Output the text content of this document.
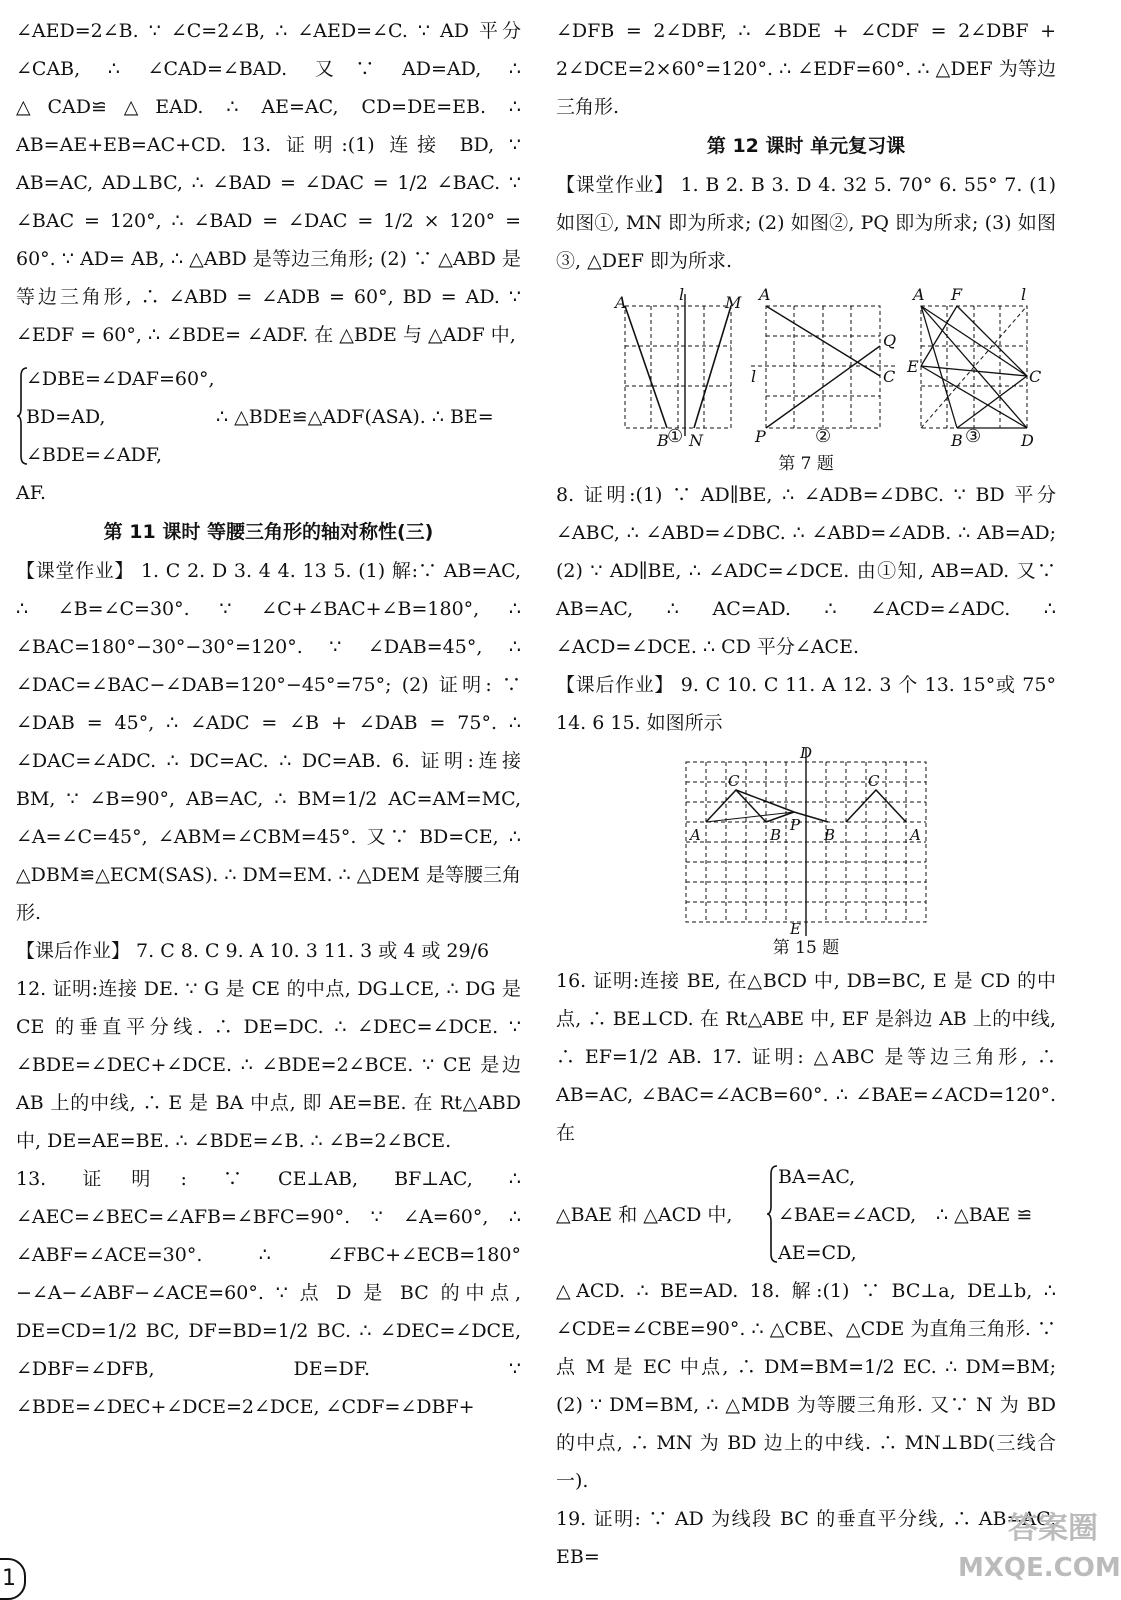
∠AED=2∠B. ∵ ∠C=2∠B, ∴ ∠AED=∠C. ∵ AD 平分 ∠CAB, ∴ ∠CAD=∠BAD. 又∵ AD=AD, ∴ △CAD≌△EAD. ∴ AE=AC, CD=DE=EB. ∴ AB=AE+EB=AC+CD. 13. 证明:(1) 连接 BD, ∵ AB=AC, AD⊥BC, ∴ ∠BAD = ∠DAC = 1/2 ∠BAC. ∵ ∠BAC = 120°, ∴ ∠BAD = ∠DAC = 1/2 × 120° = 60°. ∵ AD= AB, ∴ △ABD 是等边三角形; (2) ∵ △ABD 是等边三角形, ∴ ∠ABD = ∠ADB = 60°, BD = AD. ∵ ∠EDF = 60°, ∴ ∠BDE= ∠ADF. 在 △BDE 与 △ADF 中,

∠DBE=∠DAF=60°,
BD=AD,
∠BDE=∠ADF,
∴ △BDE≌△ADF(ASA). ∴ BE=

AF.

第 11 课时 等腰三角形的轴对称性(三)

【课堂作业】 1. C 2. D 3. 4 4. 13 5. (1) 解:∵ AB=AC, ∴ ∠B=∠C=30°. ∵ ∠C+∠BAC+∠B=180°, ∴ ∠BAC=180°−30°−30°=120°. ∵ ∠DAB=45°, ∴ ∠DAC=∠BAC−∠DAB=120°−45°=75°; (2) 证明: ∵ ∠DAB = 45°, ∴ ∠ADC = ∠B + ∠DAB = 75°. ∴ ∠DAC=∠ADC. ∴ DC=AC. ∴ DC=AB. 6. 证明:连接 BM, ∵ ∠B=90°, AB=AC, ∴ BM=1/2 AC=AM=MC, ∠A=∠C=45°, ∠ABM=∠CBM=45°. 又∵ BD=CE, ∴ △DBM≌△ECM(SAS). ∴ DM=EM. ∴ △DEM 是等腰三角形.

【课后作业】 7. C 8. C 9. A 10. 3 11. 3 或 4 或 29/6

12. 证明:连接 DE. ∵ G 是 CE 的中点, DG⊥CE, ∴ DG 是 CE 的垂直平分线. ∴ DE=DC. ∴ ∠DEC=∠DCE. ∵ ∠BDE=∠DEC+∠DCE. ∴ ∠BDE=2∠BCE. ∵ CE 是边 AB 上的中线, ∴ E 是 BA 中点, 即 AE=BE. 在 Rt△ABD 中, DE=AE=BE. ∴ ∠BDE=∠B. ∴ ∠B=2∠BCE.

13. 证明: ∵ CE⊥AB, BF⊥AC, ∴ ∠AEC=∠BEC=∠AFB=∠BFC=90°. ∵ ∠A=60°, ∴ ∠ABF=∠ACE=30°. ∴ ∠FBC+∠ECB=180°−∠A−∠ABF−∠ACE=60°. ∵ 点 D 是 BC 的中点, DE=CD=1/2 BC, DF=BD=1/2 BC. ∴ ∠DEC=∠DCE, ∠DBF=∠DFB, DE=DF. ∵ ∠BDE=∠DEC+∠DCE=2∠DCE, ∠CDF=∠DBF+

∠DFB = 2∠DBF, ∴ ∠BDE + ∠CDF = 2∠DBF + 2∠DCE=2×60°=120°. ∴ ∠EDF=60°. ∴ △DEF 为等边三角形.

第 12 课时 单元复习课

【课堂作业】 1. B 2. B 3. D 4. 32 5. 70° 6. 55° 7. (1) 如图①, MN 即为所求; (2) 如图②, PQ 即为所求; (3) 如图③, △DEF 即为所求.

A	l	M
B N
A
Q
l	C
P
A F	l
E
C
B	D
①	②	③
第 7 题

8. 证明:(1) ∵ AD∥BE, ∴ ∠ADB=∠DBC. ∵ BD 平分 ∠ABC, ∴ ∠ABD=∠DBC. ∴ ∠ABD=∠ADB. ∴ AB=AD; (2) ∵ AD∥BE, ∴ ∠ADC=∠DCE. 由①知, AB=AD. 又∵ AB=AC, ∴ AC=AD. ∴ ∠ACD=∠ADC. ∴ ∠ACD=∠DCE. ∴ CD 平分∠ACE.

【课后作业】 9. C 10. C 11. A 12. 3 个 13. 15°或 75° 14. 6 15. 如图所示

D
C	C
P
A	B	B	A
E
第 15 题

16. 证明:连接 BE, 在△BCD 中, DB=BC, E 是 CD 的中点, ∴ BE⊥CD. 在 Rt△ABE 中, EF 是斜边 AB 上的中线, ∴ EF=1/2 AB. 17. 证明: △ABC 是等边三角形, ∴ AB=AC, ∠BAC=∠ACB=60°. ∴ ∠BAE=∠ACD=120°. 在

△BAE 和 △ACD 中,
BA=AC,
∠BAE=∠ACD,
AE=CD,
∴ △BAE ≌

△ACD. ∴ BE=AD. 18. 解:(1) ∵ BC⊥a, DE⊥b, ∴ ∠CDE=∠CBE=90°. ∴ △CBE、△CDE 为直角三角形. ∵ 点 M 是 EC 中点, ∴ DM=BM=1/2 EC. ∴ DM=BM; (2) ∵ DM=BM, ∴ △MDB 为等腰三角形. 又∵ N 为 BD 的中点, ∴ MN 为 BD 边上的中线. ∴ MN⊥BD(三线合一).

19. 证明: ∵ AD 为线段 BC 的垂直平分线, ∴ AB=AC, EB=

1
答案圈
MXQE.COM
